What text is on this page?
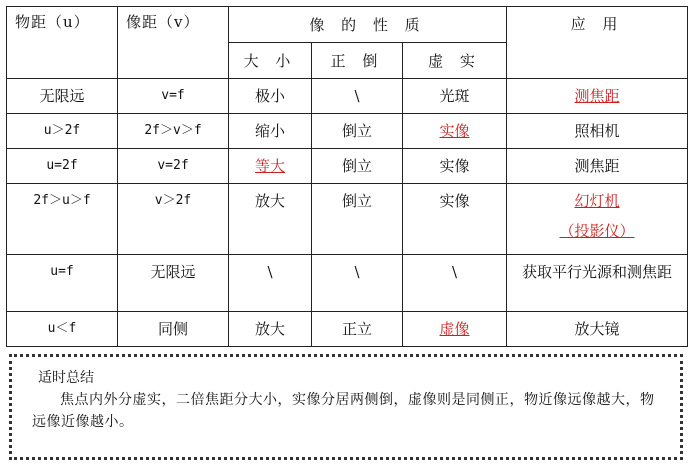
物距（u）	像距（v）	像 的 性 质			应 用
		大 小	正 倒	虚 实	
无限远	v=f	极小	\	光斑	测焦距
u＞2f	2f＞v＞f	缩小	倒立	实像	照相机
u=2f	v=2f	等大	倒立	实像	测焦距
2f＞u＞f	v＞2f	放大	倒立	实像	幻灯机
（投影仪）

u=f	无限远	\	\	\	获取平行光源和测焦距
u＜f	同侧	放大	正立	虚像	放大镜
适时总结
焦点内外分虚实，二倍焦距分大小，实像分居两侧倒，虚像则是同侧正，物近像远像越大，物远像近像越小。
